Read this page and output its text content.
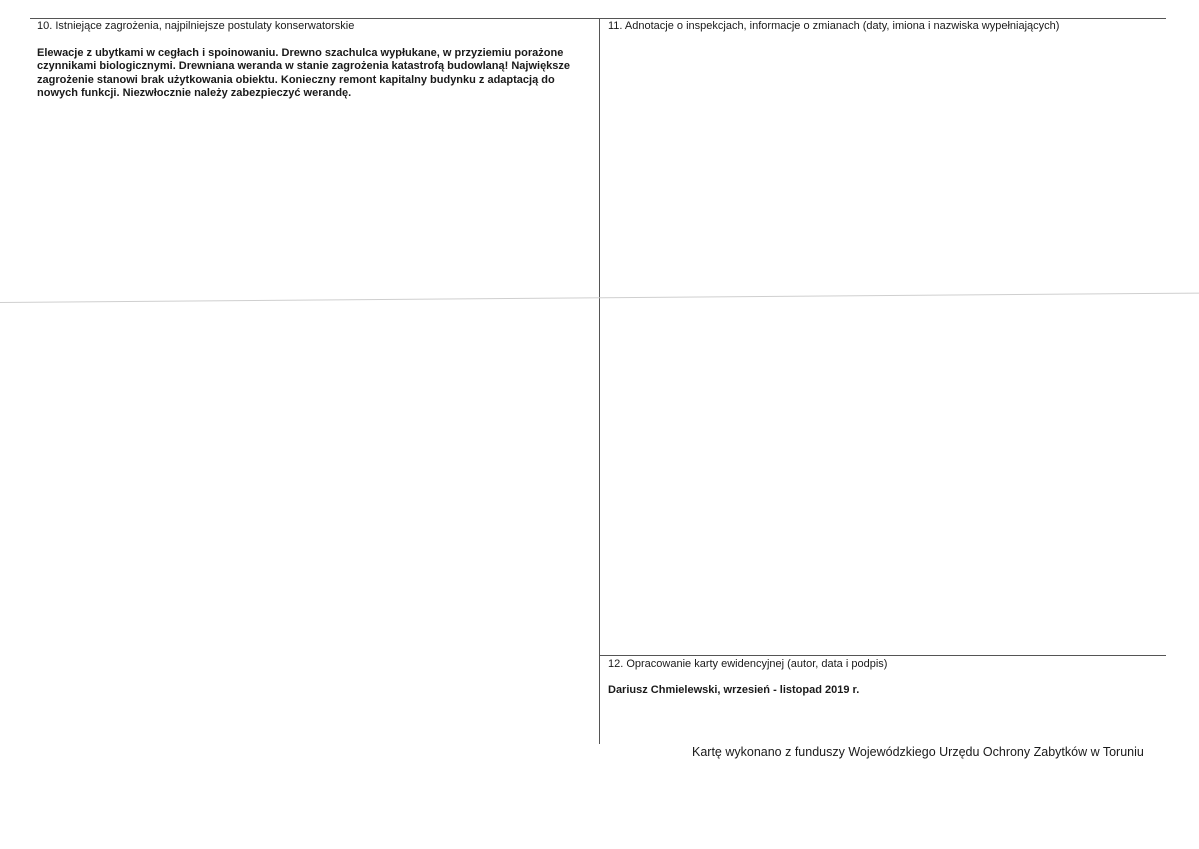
10. Istniejące zagrożenia, najpilniejsze postulaty konserwatorskie
Elewacje z ubytkami w cegłach i spoinowaniu. Drewno szachulca wypłukane, w przyziemiu porażone czynnikami biologicznymi. Drewniana weranda w stanie zagrożenia katastrofą budowlaną! Największe zagrożenie stanowi brak użytkowania obiektu. Konieczny remont kapitalny budynku z adaptacją do nowych funkcji. Niezwłocznie należy zabezpieczyć werandę.
11. Adnotacje o inspekcjach, informacje o zmianach (daty, imiona i nazwiska wypełniających)
12. Opracowanie karty ewidencyjnej (autor, data i podpis)
Dariusz Chmielewski, wrzesień - listopad 2019 r.
Kartę wykonano z funduszy Wojewódzkiego Urzędu Ochrony Zabytków w Toruniu
